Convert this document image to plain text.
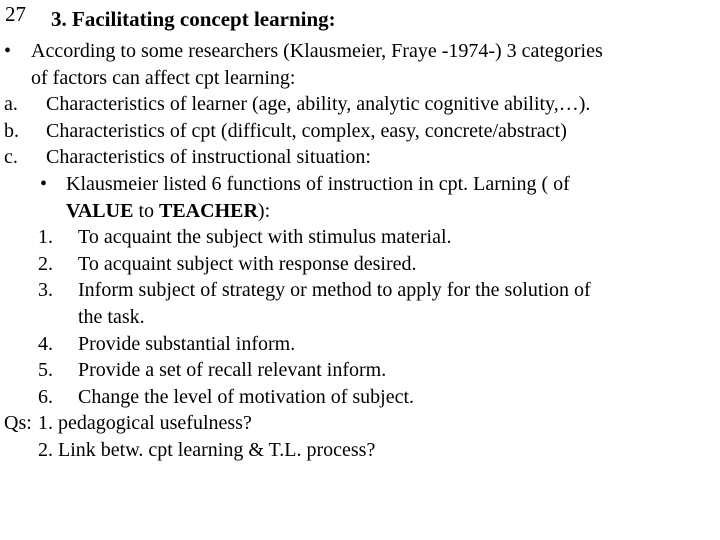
27 3. Facilitating concept learning:
• According to some researchers (Klausmeier, Fraye -1974-) 3 categories
of factors can affect cpt learning:
a. Characteristics of learner (age, ability, analytic cognitive ability,…).
b. Characteristics of cpt (difficult, complex, easy, concrete/abstract)
c. Characteristics of instructional situation:
• Klausmeier listed 6 functions of instruction in cpt. Larning ( of
VALUE to TEACHER):
1. To acquaint the subject with stimulus material.
2. To acquaint subject with response desired.
3. Inform subject of strategy or method to apply for the solution of
the task.
4. Provide substantial inform.
5. Provide a set of recall relevant inform.
6. Change the level of motivation of subject.
Qs: 1. pedagogical usefulness?
2. Link betw. cpt learning & T.L. process?
